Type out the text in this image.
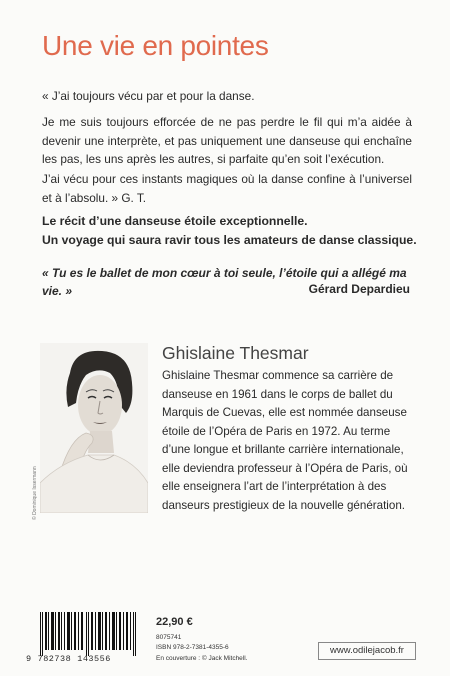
Une vie en pointes

« J’ai toujours vécu par et pour la danse.

Je me suis toujours efforcée de ne pas perdre le fil qui m’a aidée à devenir une interprète, et pas uniquement une danseuse qui enchaîne les pas, les uns après les autres, si parfaite qu’en soit l’exécution.

J’ai vécu pour ces instants magiques où la danse confine à l’universel et à l’absolu. » G. T.

Le récit d’une danseuse étoile exceptionnelle.
Un voyage qui saura ravir tous les amateurs de danse classique.

« Tu es le ballet de mon cœur à toi seule, l’étoile qui a allégé ma vie. »	Gérard Depardieu

© Dominique Issermann
Ghislaine Thesmar

Ghislaine Thesmar commence sa carrière de danseuse en 1961 dans le corps de ballet du Marquis de Cuevas, elle est nommée danseuse étoile de l’Opéra de Paris en 1972. Au terme d’une longue et brillante carrière internationale, elle deviendra professeur à l’Opéra de Paris, où elle enseignera l’art de l’interprétation à des danseurs prestigieux de la nouvelle génération.

9 782738 143556
22,90 €
8075741
ISBN 978-2-7381-4355-6
En couverture : © Jack Mitchell.
www.odilejacob.fr
